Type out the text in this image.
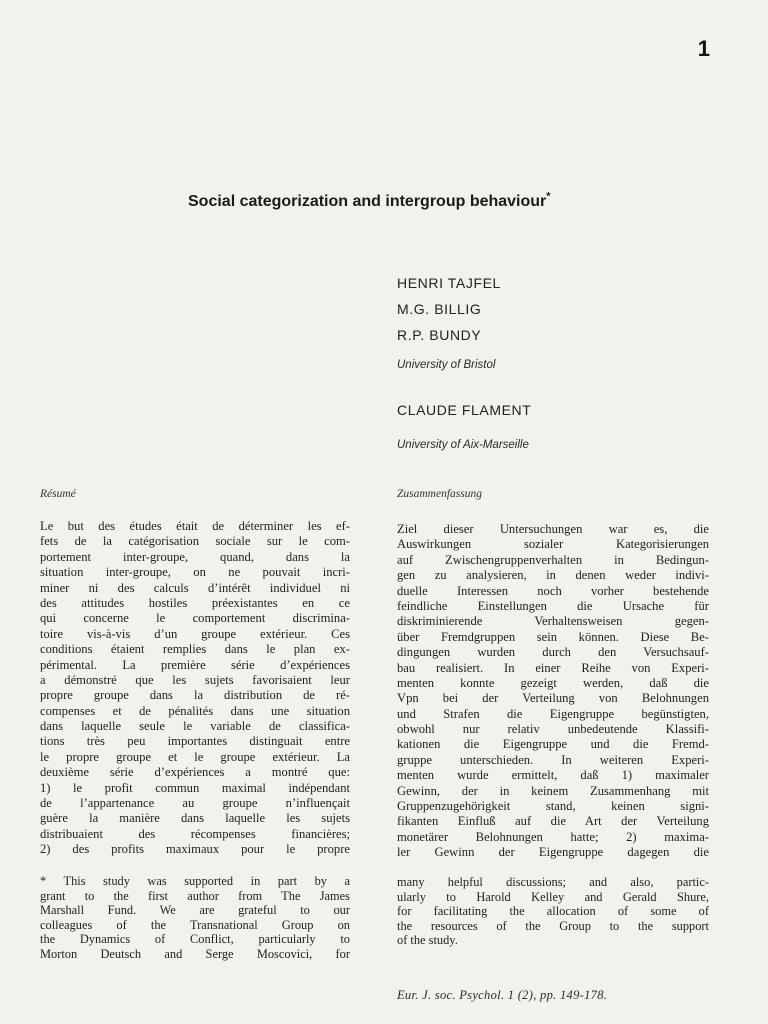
1
Social categorization and intergroup behaviour*
HENRI TAJFEL
M.G. BILLIG
R.P. BUNDY
University of Bristol
CLAUDE FLAMENT
University of Aix-Marseille
Résumé	Zusammenfassung
Le but des études était de déterminer les ef-
fets de la catégorisation sociale sur le com-
portement inter-groupe, quand, dans la
situation inter-groupe, on ne pouvait incri-
miner ni des calculs d’intérêt individuel ni
des attitudes hostiles préexistantes en ce
qui concerne le comportement discrimina-
toire vis-à-vis d’un groupe extérieur. Ces
conditions étaient remplies dans le plan ex-
périmental. La première série d’expériences
a démonstré que les sujets favorisaient leur
propre groupe dans la distribution de ré-
compenses et de pénalités dans une situation
dans laquelle seule le variable de classifica-
tions très peu importantes distinguait entre
le propre groupe et le groupe extérieur. La
deuxième série d’expériences a montré que:
1) le profit commun maximal indépendant
de l’appartenance au groupe n’influençait
guère la manière dans laquelle les sujets
distribuaient des récompenses financières;
2) des profits maximaux pour le propre
Ziel dieser Untersuchungen war es, die
Auswirkungen sozialer Kategorisierungen
auf Zwischengruppenverhalten in Bedingun-
gen zu analysieren, in denen weder indivi-
duelle Interessen noch vorher bestehende
feindliche Einstellungen die Ursache für
diskriminierende Verhaltensweisen gegen-
über Fremdgruppen sein können. Diese Be-
dingungen wurden durch den Versuchsauf-
bau realisiert. In einer Reihe von Experi-
menten konnte gezeigt werden, daß die
Vpn bei der Verteilung von Belohnungen
und Strafen die Eigengruppe begünstigten,
obwohl nur relativ unbedeutende Klassifi-
kationen die Eigengruppe und die Fremd-
gruppe unterschieden. In weiteren Experi-
menten wurde ermittelt, daß 1) maximaler
Gewinn, der in keinem Zusammenhang mit
Gruppenzugehörigkeit stand, keinen signi-
fikanten Einfluß auf die Art der Verteilung
monetärer Belohnungen hatte; 2) maxima-
ler Gewinn der Eigengruppe dagegen die
* This study was supported in part by a
grant to the first author from The James
Marshall Fund. We are grateful to our
colleagues of the Transnational Group on
the Dynamics of Conflict, particularly to
Morton Deutsch and Serge Moscovici, for
many helpful discussions; and also, partic-
ularly to Harold Kelley and Gerald Shure,
for facilitating the allocation of some of
the resources of the Group to the support
of the study.
Eur. J. soc. Psychol. 1 (2), pp. 149-178.
